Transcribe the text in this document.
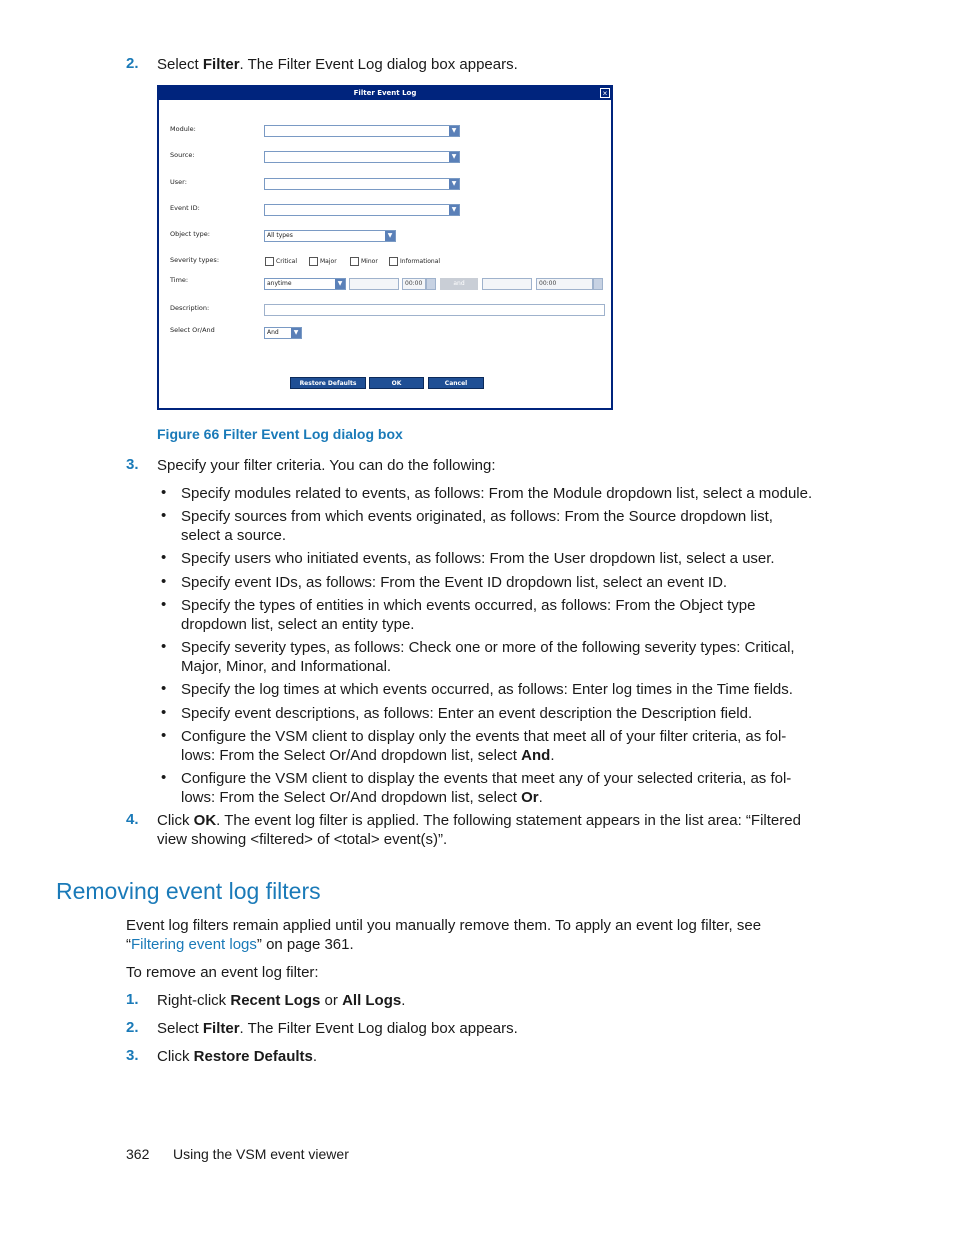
2. Select Filter. The Filter Event Log dialog box appears.
Filter Event Log	×
Module:	▼
Source:	▼
User:	▼
Event ID:	▼
Object type:	All types	▼
Severity types:	Critical	Major	Minor	Informational
Time:	anytime	▼	00:00	and	00:00
Description:
Select Or/And	And	▼
Restore Defaults	OK	Cancel
Figure 66 Filter Event Log dialog box
3. Specify your filter criteria. You can do the following:
• Specify modules related to events, as follows: From the Module dropdown list, select a module.
• Specify sources from which events originated, as follows: From the Source dropdown list,
select a source.
• Specify users who initiated events, as follows: From the User dropdown list, select a user.
• Specify event IDs, as follows: From the Event ID dropdown list, select an event ID.
• Specify the types of entities in which events occurred, as follows: From the Object type
dropdown list, select an entity type.
• Specify severity types, as follows: Check one or more of the following severity types: Critical,
Major, Minor, and Informational.
• Specify the log times at which events occurred, as follows: Enter log times in the Time fields.
• Specify event descriptions, as follows: Enter an event description the Description field.
• Configure the VSM client to display only the events that meet all of your filter criteria, as fol-
lows: From the Select Or/And dropdown list, select And.
• Configure the VSM client to display the events that meet any of your selected criteria, as fol-
lows: From the Select Or/And dropdown list, select Or.
4. Click OK. The event log filter is applied. The following statement appears in the list area: “Filtered
view showing <filtered> of <total> event(s)”.
Removing event log filters
Event log filters remain applied until you manually remove them. To apply an event log filter, see
“Filtering event logs” on page 361.
To remove an event log filter:
1. Right-click Recent Logs or All Logs.
2. Select Filter. The Filter Event Log dialog box appears.
3. Click Restore Defaults.
362 Using the VSM event viewer
